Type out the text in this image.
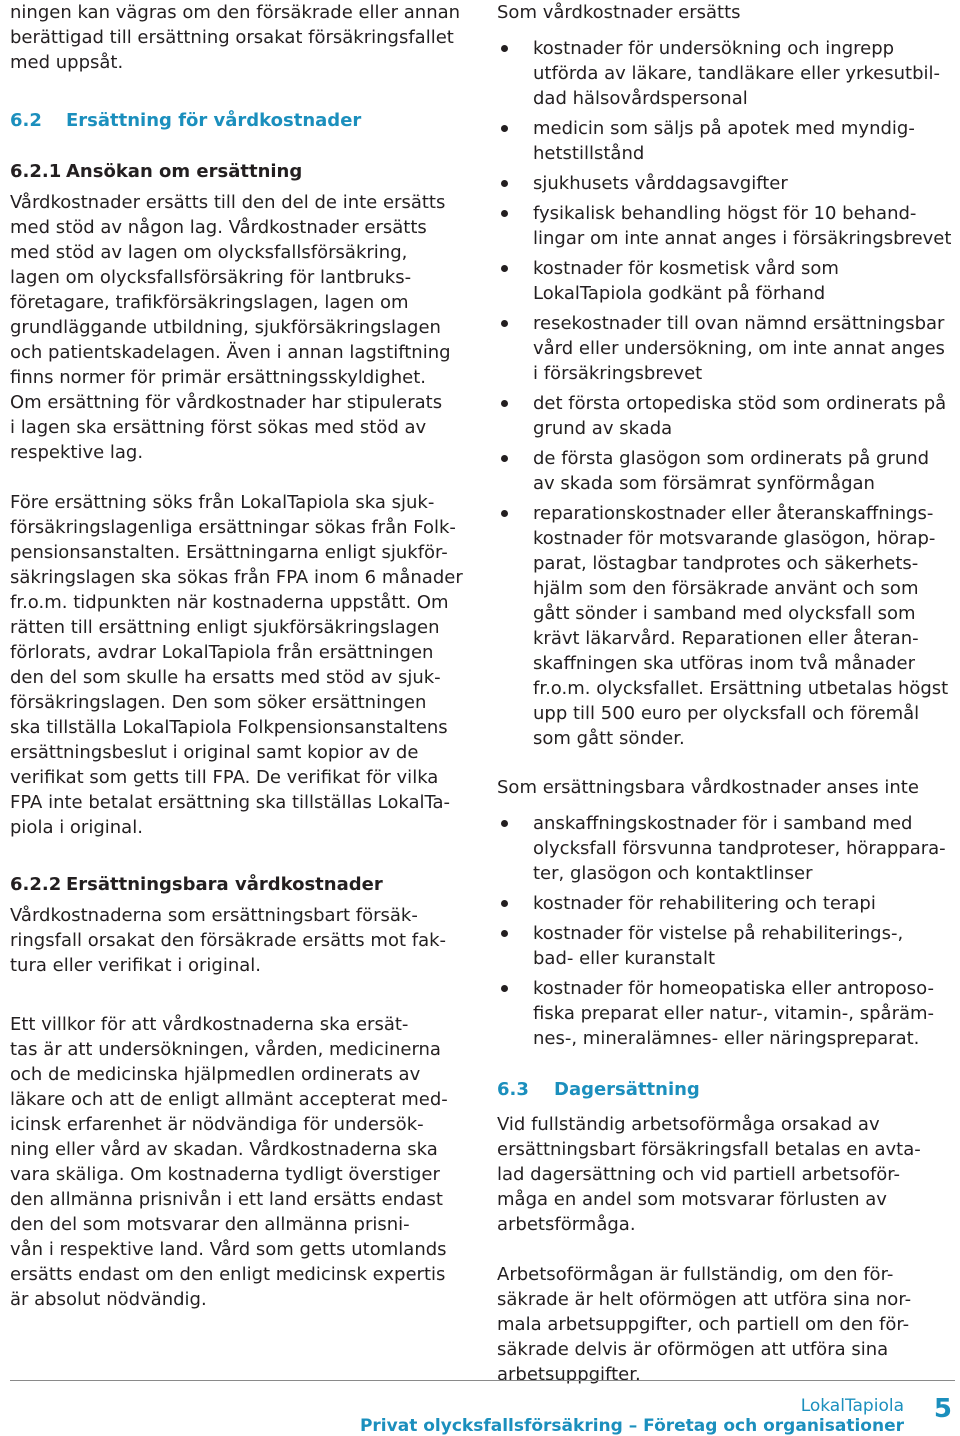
ningen kan vägras om den försäkrade eller annan
berättigad till ersättning orsakat försäkringsfallet
med uppsåt.

6.2 Ersättning för vårdkostnader
6.2.1 Ansökan om ersättning

Vårdkostnader ersätts till den del de inte ersätts
med stöd av någon lag. Vårdkostnader ersätts
med stöd av lagen om olycksfallsförsäkring,
lagen om olycksfallsförsäkring för lantbruks-
företagare, trafikförsäkringslagen, lagen om
grundläggande utbildning, sjukförsäkringslagen
och patientskadelagen. Även i annan lagstiftning
finns normer för primär ersättningsskyldighet.
Om ersättning för vårdkostnader har stipulerats
i lagen ska ersättning först sökas med stöd av
respektive lag.

Före ersättning söks från LokalTapiola ska sjuk-
försäkringslagenliga ersättningar sökas från Folk-
pensionsanstalten. Ersättningarna enligt sjukför-
säkringslagen ska sökas från FPA inom 6 månader
fr.o.m. tidpunkten när kostnaderna uppstått. Om
rätten till ersättning enligt sjukförsäkringslagen
förlorats, avdrar LokalTapiola från ersättningen
den del som skulle ha ersatts med stöd av sjuk-
försäkringslagen. Den som söker ersättningen
ska tillställa LokalTapiola Folkpensionsanstaltens
ersättningsbeslut i original samt kopior av de
verifikat som getts till FPA. De verifikat för vilka
FPA inte betalat ersättning ska tillställas LokalTa-
piola i original.

6.2.2 Ersättningsbara vårdkostnader

Vårdkostnaderna som ersättningsbart försäk-
ringsfall orsakat den försäkrade ersätts mot fak-
tura eller verifikat i original.

Ett villkor för att vårdkostnaderna ska ersät-
tas är att undersökningen, vården, medicinerna
och de medicinska hjälpmedlen ordinerats av
läkare och att de enligt allmänt accepterat med-
icinsk erfarenhet är nödvändiga för undersök-
ning eller vård av skadan. Vårdkostnaderna ska
vara skäliga. Om kostnaderna tydligt överstiger
den allmänna prisnivån i ett land ersätts endast
den del som motsvarar den allmänna prisni-
vån i respektive land. Vård som getts utomlands
ersätts endast om den enligt medicinsk expertis
är absolut nödvändig.

Som vårdkostnader ersätts

kostnader för undersökning och ingrepp
utförda av läkare, tandläkare eller yrkesutbil-
dad hälsovårdspersonal
medicin som säljs på apotek med myndig-
hetstillstånd
sjukhusets vårddagsavgifter
fysikalisk behandling högst för 10 behand-
lingar om inte annat anges i försäkringsbrevet
kostnader för kosmetisk vård som
LokalTapiola godkänt på förhand
resekostnader till ovan nämnd ersättningsbar
vård eller undersökning, om inte annat anges
i försäkringsbrevet
det första ortopediska stöd som ordinerats på
grund av skada
de första glasögon som ordinerats på grund
av skada som försämrat synförmågan
reparationskostnader eller återanskaffnings-
kostnader för motsvarande glasögon, hörap-
parat, löstagbar tandprotes och säkerhets-
hjälm som den försäkrade använt och som
gått sönder i samband med olycksfall som
krävt läkarvård. Reparationen eller återan-
skaffningen ska utföras inom två månader
fr.o.m. olycksfallet. Ersättning utbetalas högst
upp till 500 euro per olycksfall och föremål
som gått sönder.

Som ersättningsbara vårdkostnader anses inte

anskaffningskostnader för i samband med
olycksfall försvunna tandproteser, hörappara-
ter, glasögon och kontaktlinser
kostnader för rehabilitering och terapi
kostnader för vistelse på rehabiliterings-,
bad- eller kuranstalt
kostnader för homeopatiska eller antroposo-
fiska preparat eller natur-, vitamin-, spåräm-
nes-, mineralämnes- eller näringspreparat.
6.3 Dagersättning

Vid fullständig arbetsoförmåga orsakad av
ersättningsbart försäkringsfall betalas en avta-
lad dagersättning och vid partiell arbetsoför-
måga en andel som motsvarar förlusten av
arbetsförmåga.

Arbetsoförmågan är fullständig, om den för-
säkrade är helt oförmögen att utföra sina nor-
mala arbetsuppgifter, och partiell om den för-
säkrade delvis är oförmögen att utföra sina
arbetsuppgifter.

LokalTapiola
Privat olycksfallsförsäkring – Företag och organisationer
5
